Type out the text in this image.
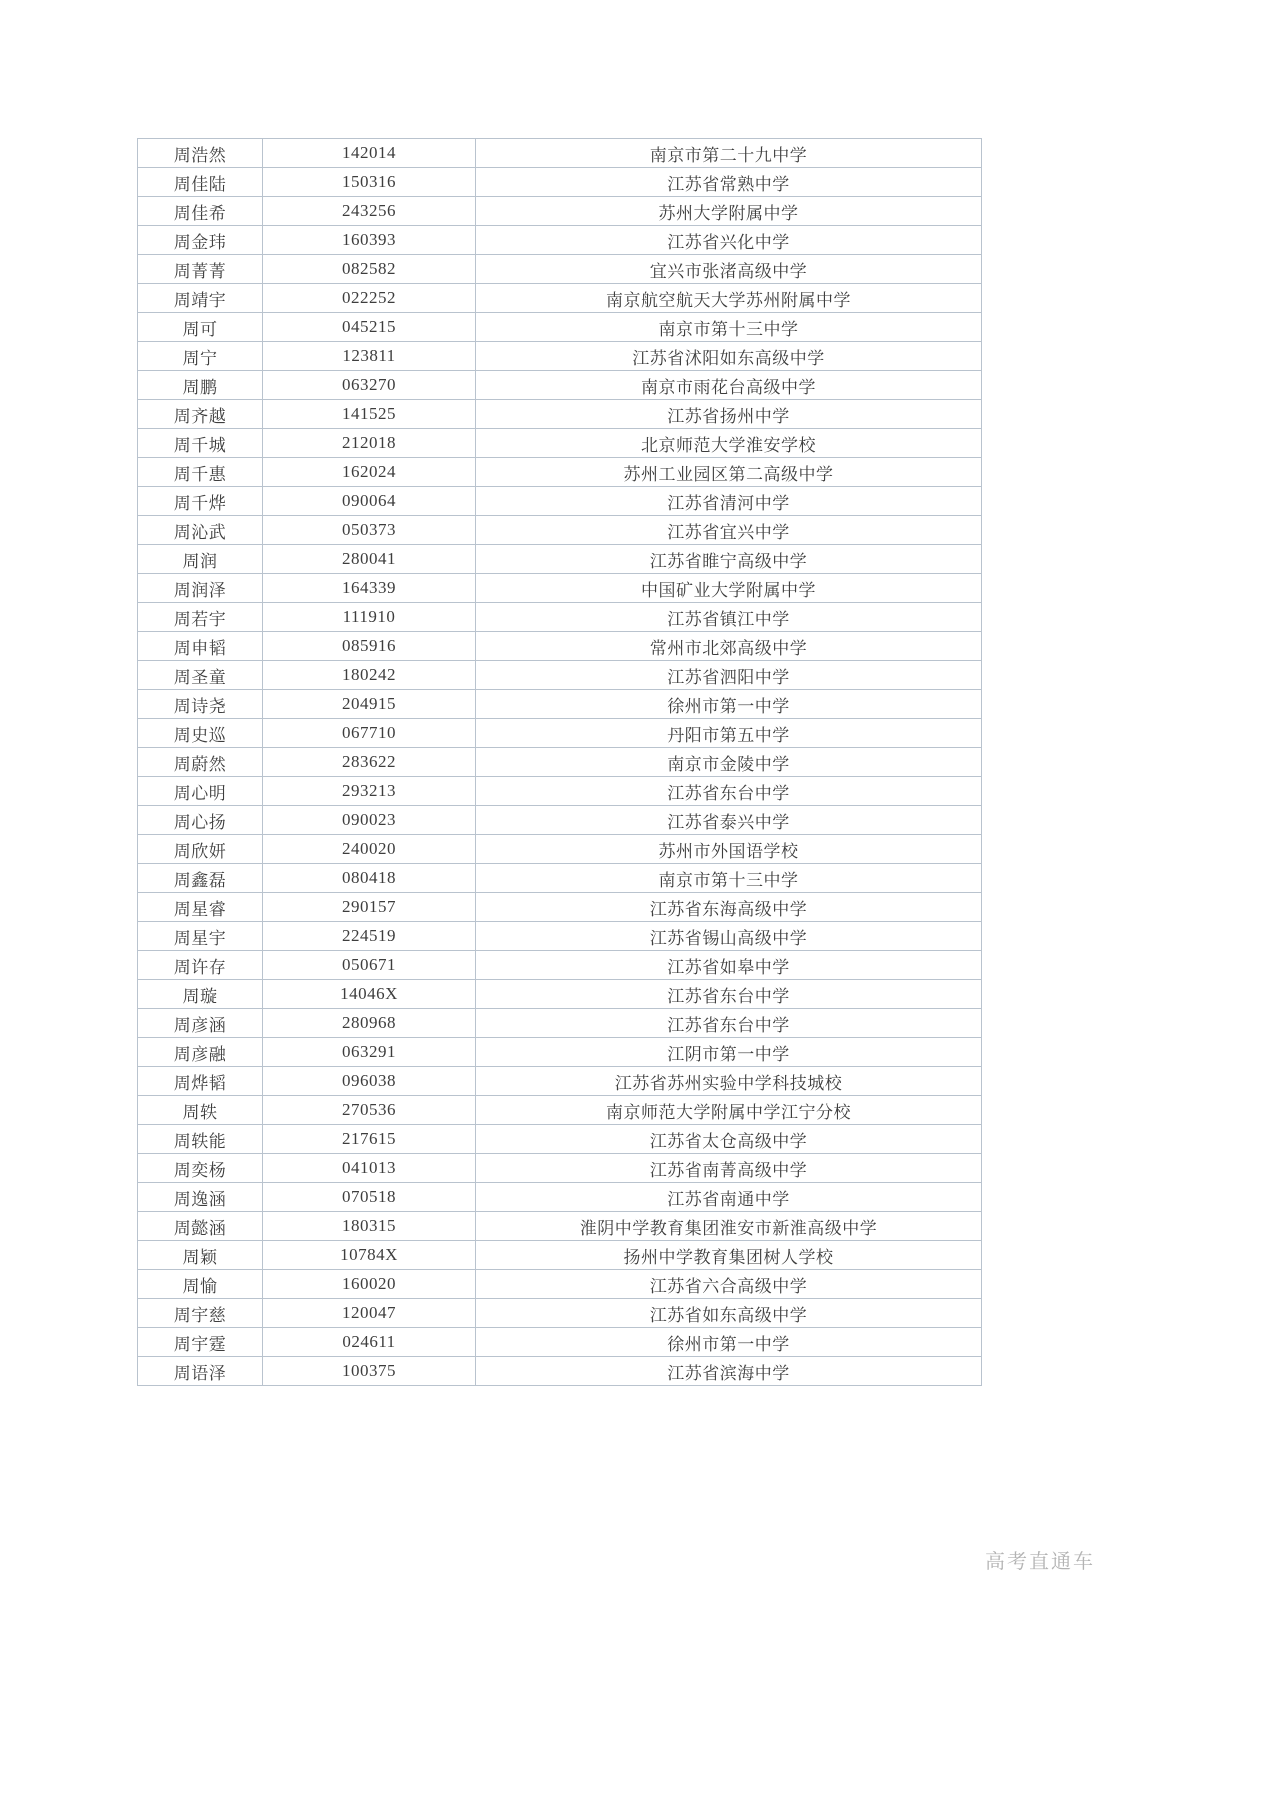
周浩然	142014	南京市第二十九中学
周佳陆	150316	江苏省常熟中学
周佳希	243256	苏州大学附属中学
周金玮	160393	江苏省兴化中学
周菁菁	082582	宜兴市张渚高级中学
周靖宇	022252	南京航空航天大学苏州附属中学
周可	045215	南京市第十三中学
周宁	123811	江苏省沭阳如东高级中学
周鹏	063270	南京市雨花台高级中学
周齐越	141525	江苏省扬州中学
周千城	212018	北京师范大学淮安学校
周千惠	162024	苏州工业园区第二高级中学
周千烨	090064	江苏省清河中学
周沁武	050373	江苏省宜兴中学
周润	280041	江苏省睢宁高级中学
周润泽	164339	中国矿业大学附属中学
周若宇	111910	江苏省镇江中学
周申韬	085916	常州市北郊高级中学
周圣童	180242	江苏省泗阳中学
周诗尧	204915	徐州市第一中学
周史巡	067710	丹阳市第五中学
周蔚然	283622	南京市金陵中学
周心明	293213	江苏省东台中学
周心扬	090023	江苏省泰兴中学
周欣妍	240020	苏州市外国语学校
周鑫磊	080418	南京市第十三中学
周星睿	290157	江苏省东海高级中学
周星宇	224519	江苏省锡山高级中学
周许存	050671	江苏省如皋中学
周璇	14046X	江苏省东台中学
周彦涵	280968	江苏省东台中学
周彦融	063291	江阴市第一中学
周烨韬	096038	江苏省苏州实验中学科技城校
周轶	270536	南京师范大学附属中学江宁分校
周轶能	217615	江苏省太仓高级中学
周奕杨	041013	江苏省南菁高级中学
周逸涵	070518	江苏省南通中学
周懿涵	180315	淮阴中学教育集团淮安市新淮高级中学
周颖	10784X	扬州中学教育集团树人学校
周愉	160020	江苏省六合高级中学
周宇慈	120047	江苏省如东高级中学
周宇霆	024611	徐州市第一中学
周语泽	100375	江苏省滨海中学
高考直通车
